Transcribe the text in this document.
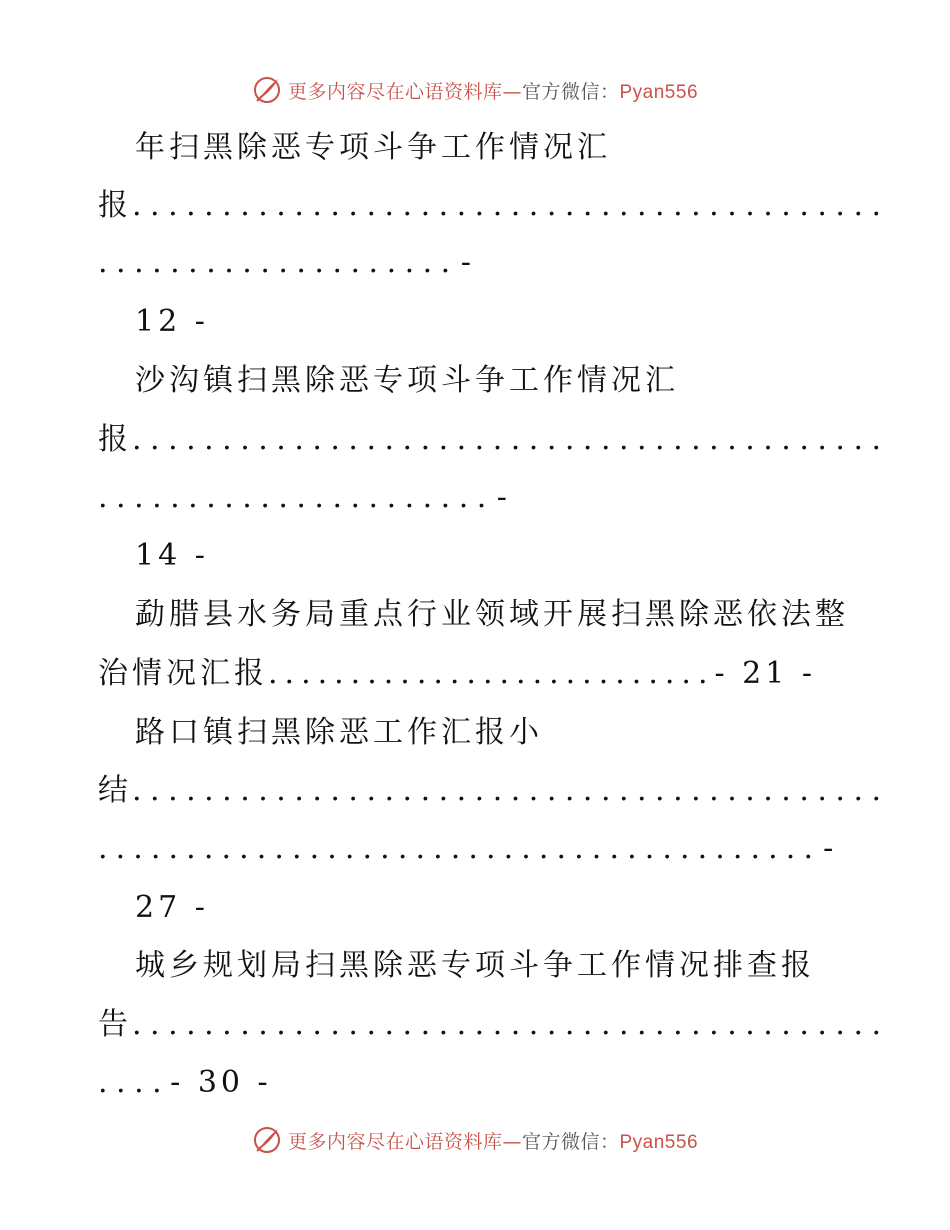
更多内容尽在心语资料库—官方微信：Pyan556
年扫黑除恶专项斗争工作情况汇
报..........................................
....................-
12 -
沙沟镇扫黑除恶专项斗争工作情况汇
报..........................................
......................-
14 -
勐腊县水务局重点行业领域开展扫黑除恶依法整
治情况汇报...........................- 21 -
路口镇扫黑除恶工作汇报小
结..........................................
.........................................-
27 -
城乡规划局扫黑除恶专项斗争工作情况排查报
告..........................................
....- 30 -
更多内容尽在心语资料库—官方微信：Pyan556
